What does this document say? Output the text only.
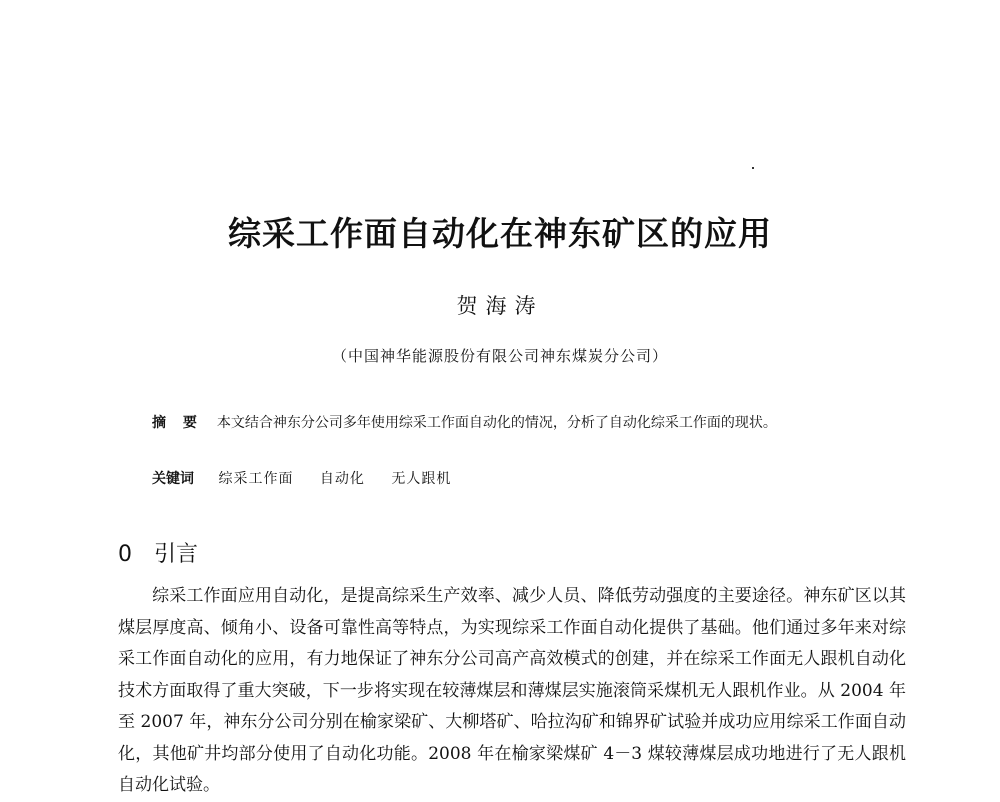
综采工作面自动化在神东矿区的应用
贺海涛
（中国神华能源股份有限公司神东煤炭分公司）
摘 要 本文结合神东分公司多年使用综采工作面自动化的情况，分析了自动化综采工作面的现状。
关键词 综采工作面 自动化 无人跟机
0 引言
综采工作面应用自动化，是提高综采生产效率、减少人员、降低劳动强度的主要途径。神东矿区以其煤层厚度高、倾角小、设备可靠性高等特点，为实现综采工作面自动化提供了基础。他们通过多年来对综采工作面自动化的应用，有力地保证了神东分公司高产高效模式的创建，并在综采工作面无人跟机自动化技术方面取得了重大突破，下一步将实现在较薄煤层和薄煤层实施滚筒采煤机无人跟机作业。从 2004 年至 2007 年，神东分公司分别在榆家梁矿、大柳塔矿、哈拉沟矿和锦界矿试验并成功应用综采工作面自动化，其他矿井均部分使用了自动化功能。2008 年在榆家梁煤矿 4－3 煤较薄煤层成功地进行了无人跟机自动化试验。
